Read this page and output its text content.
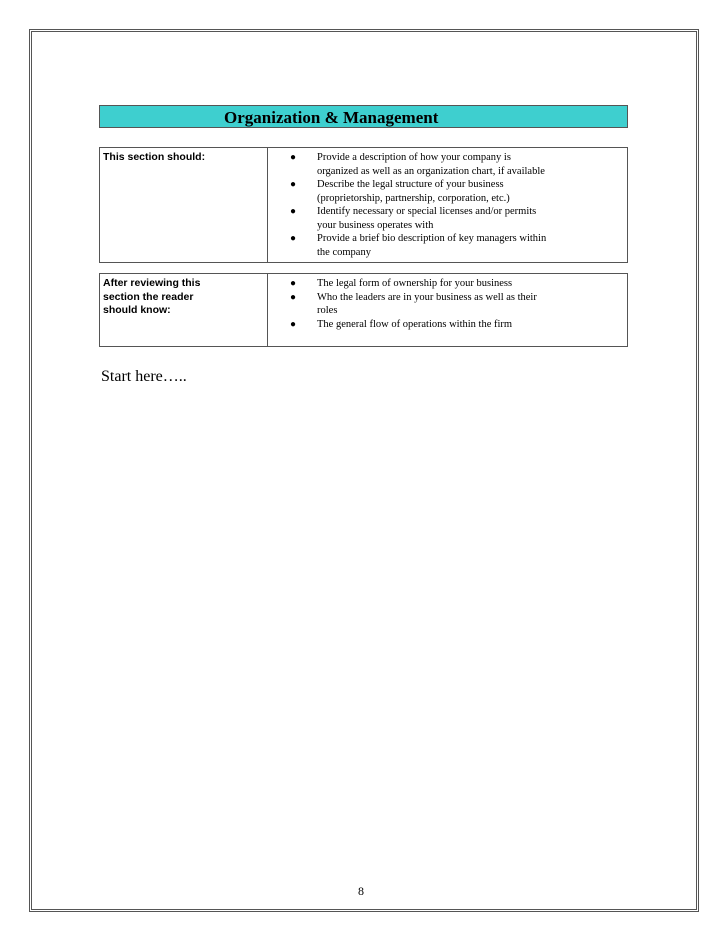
Organization & Management
This section should:	● Provide a description of how your company is
organized as well as an organization chart, if available
● Describe the legal structure of your business
(proprietorship, partnership, corporation, etc.)
● Identify necessary or special licenses and/or permits
your business operates with
● Provide a brief bio description of key managers within
the company
After reviewing this
section the reader
should know:
● The legal form of ownership for your business
● Who the leaders are in your business as well as their
roles
● The general flow of operations within the firm
Start here…..
8
